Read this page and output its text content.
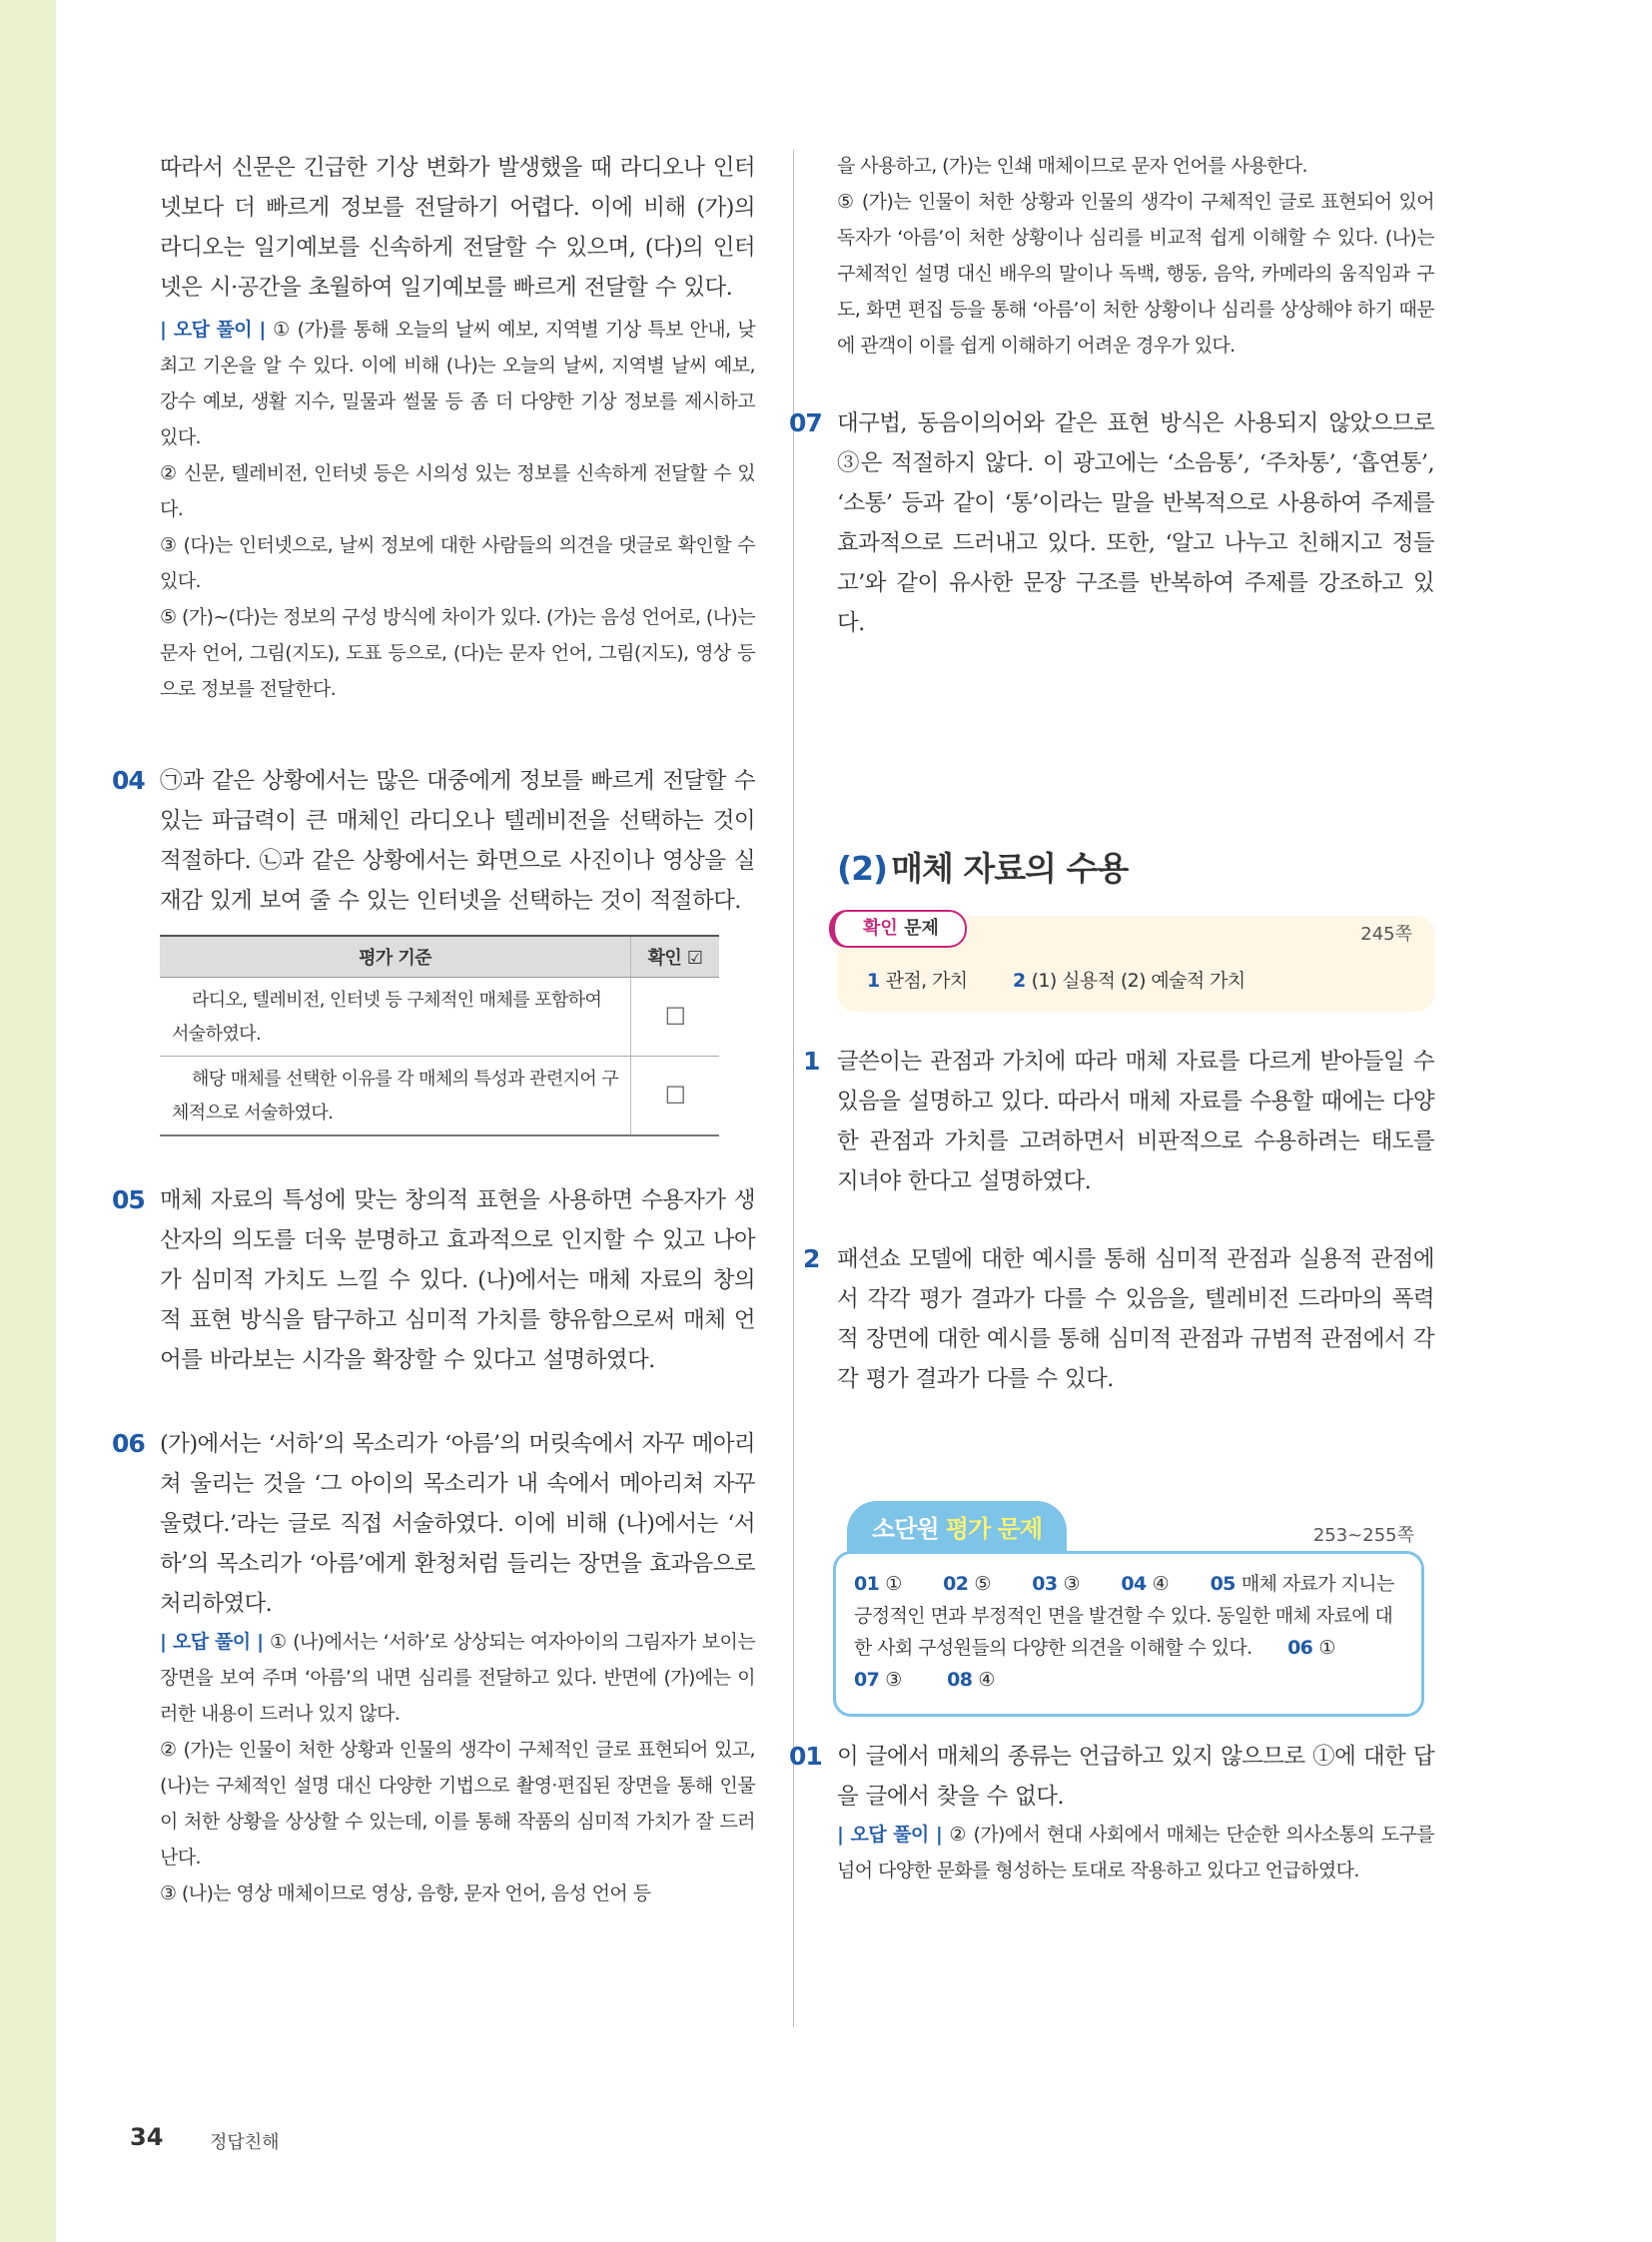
따라서 신문은 긴급한 기상 변화가 발생했을 때 라디오나 인터넷보다 더 빠르게 정보를 전달하기 어렵다. 이에 비해 (가)의 라디오는 일기예보를 신속하게 전달할 수 있으며, (다)의 인터넷은 시·공간을 초월하여 일기예보를 빠르게 전달할 수 있다.

| 오답 풀이 | ① (가)를 통해 오늘의 날씨 예보, 지역별 기상 특보 안내, 낮 최고 기온을 알 수 있다. 이에 비해 (나)는 오늘의 날씨, 지역별 날씨 예보, 강수 예보, 생활 지수, 밀물과 썰물 등 좀 더 다양한 기상 정보를 제시하고 있다.

② 신문, 텔레비전, 인터넷 등은 시의성 있는 정보를 신속하게 전달할 수 있다.

③ (다)는 인터넷으로, 날씨 정보에 대한 사람들의 의견을 댓글로 확인할 수 있다.

⑤ (가)~(다)는 정보의 구성 방식에 차이가 있다. (가)는 음성 언어로, (나)는 문자 언어, 그림(지도), 도표 등으로, (다)는 문자 언어, 그림(지도), 영상 등으로 정보를 전달한다.

04 ㉠과 같은 상황에서는 많은 대중에게 정보를 빠르게 전달할 수 있는 파급력이 큰 매체인 라디오나 텔레비전을 선택하는 것이 적절하다. ㉡과 같은 상황에서는 화면으로 사진이나 영상을 실재감 있게 보여 줄 수 있는 인터넷을 선택하는 것이 적절하다.

평가 기준	확인 ☑
라디오, 텔레비전, 인터넷 등 구체적인 매체를 포함하여 서술하였다.	☐
해당 매체를 선택한 이유를 각 매체의 특성과 관련지어 구체적으로 서술하였다.	☐
05 매체 자료의 특성에 맞는 창의적 표현을 사용하면 수용자가 생산자의 의도를 더욱 분명하고 효과적으로 인지할 수 있고 나아가 심미적 가치도 느낄 수 있다. (나)에서는 매체 자료의 창의적 표현 방식을 탐구하고 심미적 가치를 향유함으로써 매체 언어를 바라보는 시각을 확장할 수 있다고 설명하였다.

06 (가)에서는 ‘서하’의 목소리가 ‘아름’의 머릿속에서 자꾸 메아리쳐 울리는 것을 ‘그 아이의 목소리가 내 속에서 메아리쳐 자꾸 울렸다.’라는 글로 직접 서술하였다. 이에 비해 (나)에서는 ‘서하’의 목소리가 ‘아름’에게 환청처럼 들리는 장면을 효과음으로 처리하였다.

| 오답 풀이 | ① (나)에서는 ‘서하’로 상상되는 여자아이의 그림자가 보이는 장면을 보여 주며 ‘아름’의 내면 심리를 전달하고 있다. 반면에 (가)에는 이러한 내용이 드러나 있지 않다.

② (가)는 인물이 처한 상황과 인물의 생각이 구체적인 글로 표현되어 있고, (나)는 구체적인 설명 대신 다양한 기법으로 촬영·편집된 장면을 통해 인물이 처한 상황을 상상할 수 있는데, 이를 통해 작품의 심미적 가치가 잘 드러난다.

③ (나)는 영상 매체이므로 영상, 음향, 문자 언어, 음성 언어 등

을 사용하고, (가)는 인쇄 매체이므로 문자 언어를 사용한다.

⑤ (가)는 인물이 처한 상황과 인물의 생각이 구체적인 글로 표현되어 있어 독자가 ‘아름’이 처한 상황이나 심리를 비교적 쉽게 이해할 수 있다. (나)는 구체적인 설명 대신 배우의 말이나 독백, 행동, 음악, 카메라의 움직임과 구도, 화면 편집 등을 통해 ‘아름’이 처한 상황이나 심리를 상상해야 하기 때문에 관객이 이를 쉽게 이해하기 어려운 경우가 있다.

07 대구법, 동음이의어와 같은 표현 방식은 사용되지 않았으므로 ③은 적절하지 않다. 이 광고에는 ‘소음통’, ‘주차통’, ‘흡연통’, ‘소통’ 등과 같이 ‘통’이라는 말을 반복적으로 사용하여 주제를 효과적으로 드러내고 있다. 또한, ‘알고 나누고 친해지고 정들고’와 같이 유사한 문장 구조를 반복하여 주제를 강조하고 있다.

(2) 매체 자료의 수용

확인 문제	245쪽
1 관점, 가치 2 (1) 실용적 (2) 예술적 가치
1 글쓴이는 관점과 가치에 따라 매체 자료를 다르게 받아들일 수 있음을 설명하고 있다. 따라서 매체 자료를 수용할 때에는 다양한 관점과 가치를 고려하면서 비판적으로 수용하려는 태도를 지녀야 한다고 설명하였다.

2 패션쇼 모델에 대한 예시를 통해 심미적 관점과 실용적 관점에서 각각 평가 결과가 다를 수 있음을, 텔레비전 드라마의 폭력적 장면에 대한 예시를 통해 심미적 관점과 규범적 관점에서 각각 평가 결과가 다를 수 있다.

소단원 평가 문제	253~255쪽
01 ① 02 ⑤ 03 ③ 04 ④ 05 매체 자료가 지니는 긍정적인 면과 부정적인 면을 발견할 수 있다. 동일한 매체 자료에 대한 사회 구성원들의 다양한 의견을 이해할 수 있다. 06 ①
07 ③ 08 ④
01 이 글에서 매체의 종류는 언급하고 있지 않으므로 ①에 대한 답을 글에서 찾을 수 없다.

| 오답 풀이 | ② (가)에서 현대 사회에서 매체는 단순한 의사소통의 도구를 넘어 다양한 문화를 형성하는 토대로 작용하고 있다고 언급하였다.

34	정답친해
